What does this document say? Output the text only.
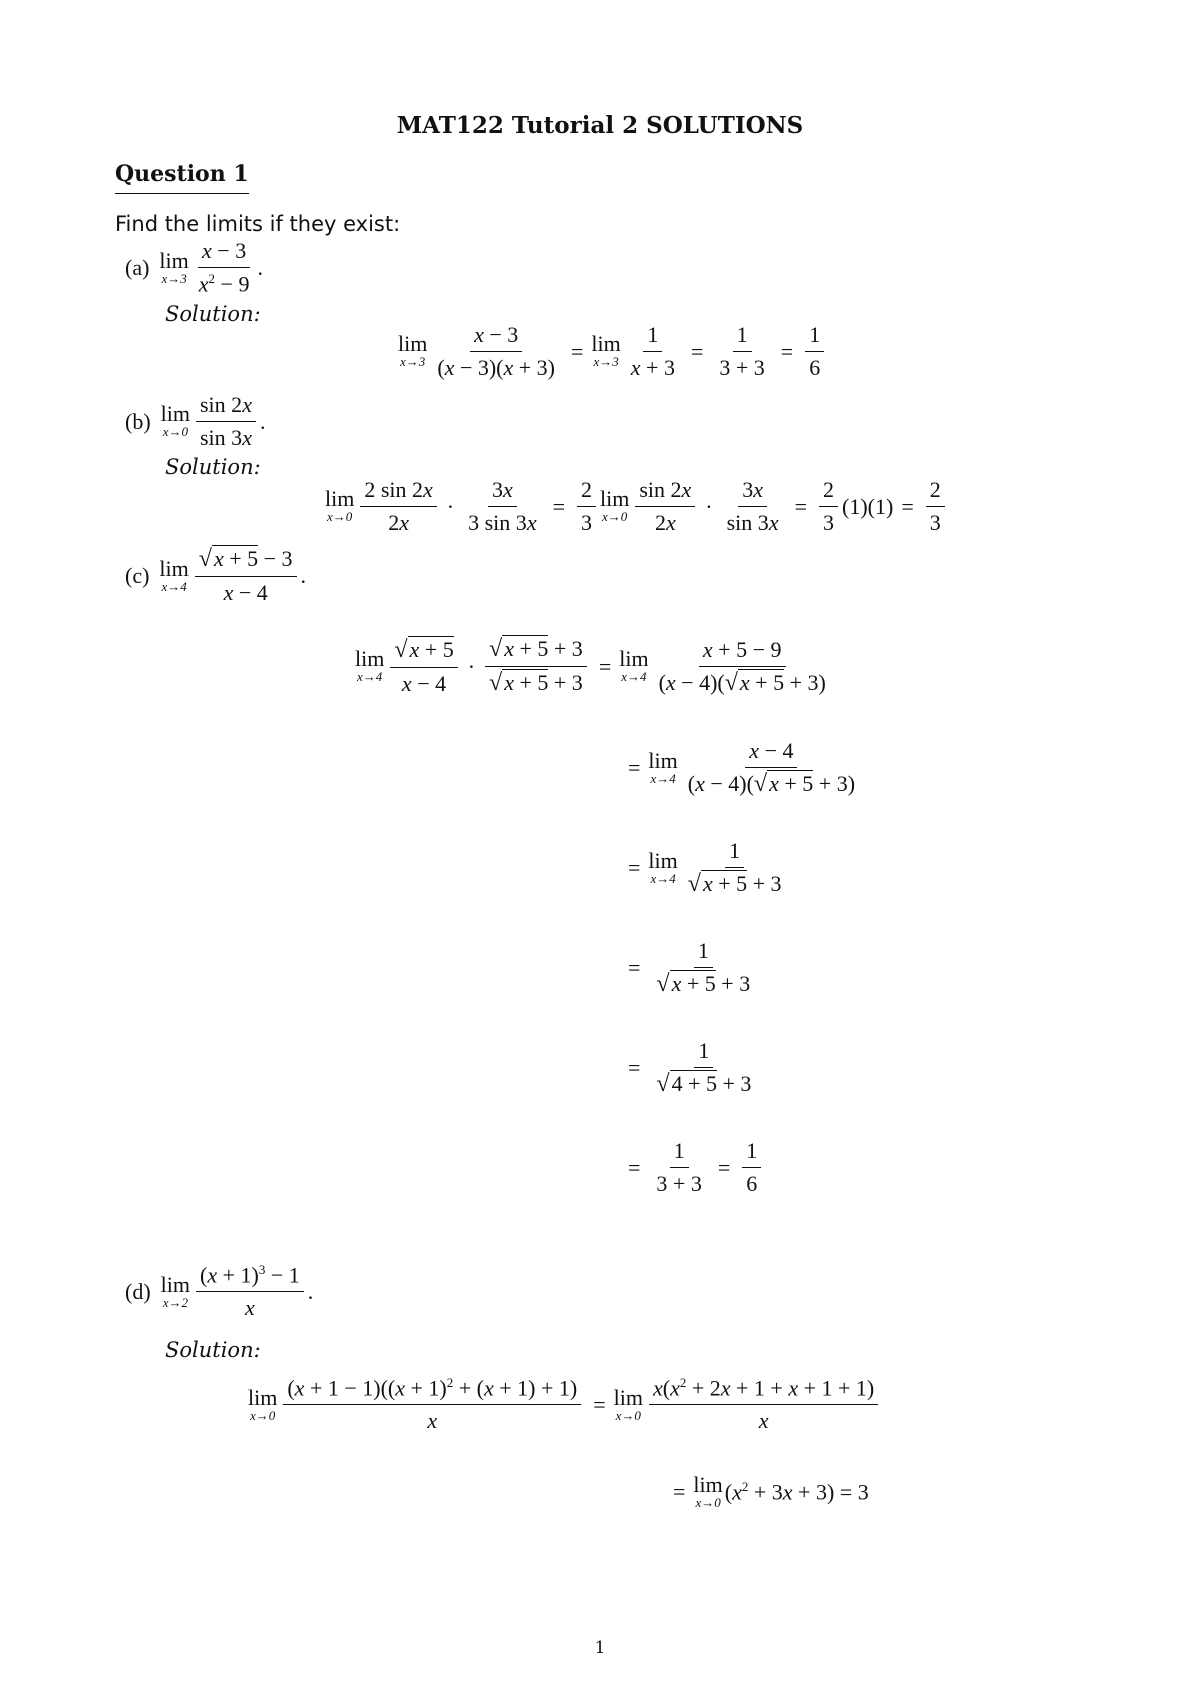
MAT122 Tutorial 2 SOLUTIONS
Question 1
Find the limits if they exist:
(a) lim
$x\to 3 \frac{x - 3}{x^2 - 9}$ .
Solution:
lim
$x\to 3 \frac{x - 3}{(x - 3)(x + 3)} = \lim$
$x\to 3 \frac{1}{x + 3} = \frac{1}{3 + 3} = \frac{1}{6}$
(b) lim
$x\to 0 \frac{\sin 2x}{\sin 3x}$ .
Solution:
lim
$x\to 0 \frac{2 \sin 2x}{2x} \cdot \frac{3x}{3 \sin 3x} = \frac{2}{3}$ lim
$x\to 0 \frac{\sin 2x}{2x} \cdot \frac{3x}{\sin 3x} = \frac{2}{3} (1)(1) = \frac{2}{3}$
(c) lim
$x\to 4 \frac{√x + 5 - 3}{x - 4}$ .
lim
$x\to 4 \frac{√x + 5}{x - 4} \cdot \frac{√x + 5 + 3}{√x + 5 + 3} = \lim$
$x\to 4 \frac{x + 5 - 9}{(x - 4)(√x + 5 + 3)}$
= lim
$x\to 4 \frac{x - 4}{(x - 4)(√x + 5 + 3)}$
= lim
$x\to 4 \frac{1}{√x + 5 + 3}$
= $\frac{1}{√x + 5 + 3}$
= $\frac{1}{√4 + 5 + 3}$
= $\frac{1}{3 + 3} = \frac{1}{6}$
(d) lim
$x\to 2 \frac{(x + 1)^3 - 1}{x}$ .
Solution:
lim
$x\to 0 \frac{(x + 1 - 1)((x + 1)^2 + (x + 1) + 1)}{x} = \lim$
$x\to 0 \frac{x(x^2 + 2x + 1 + x + 1 + 1)}{x}$
= lim
x→0 $(x^2 + 3x + 3) = 3$
1
